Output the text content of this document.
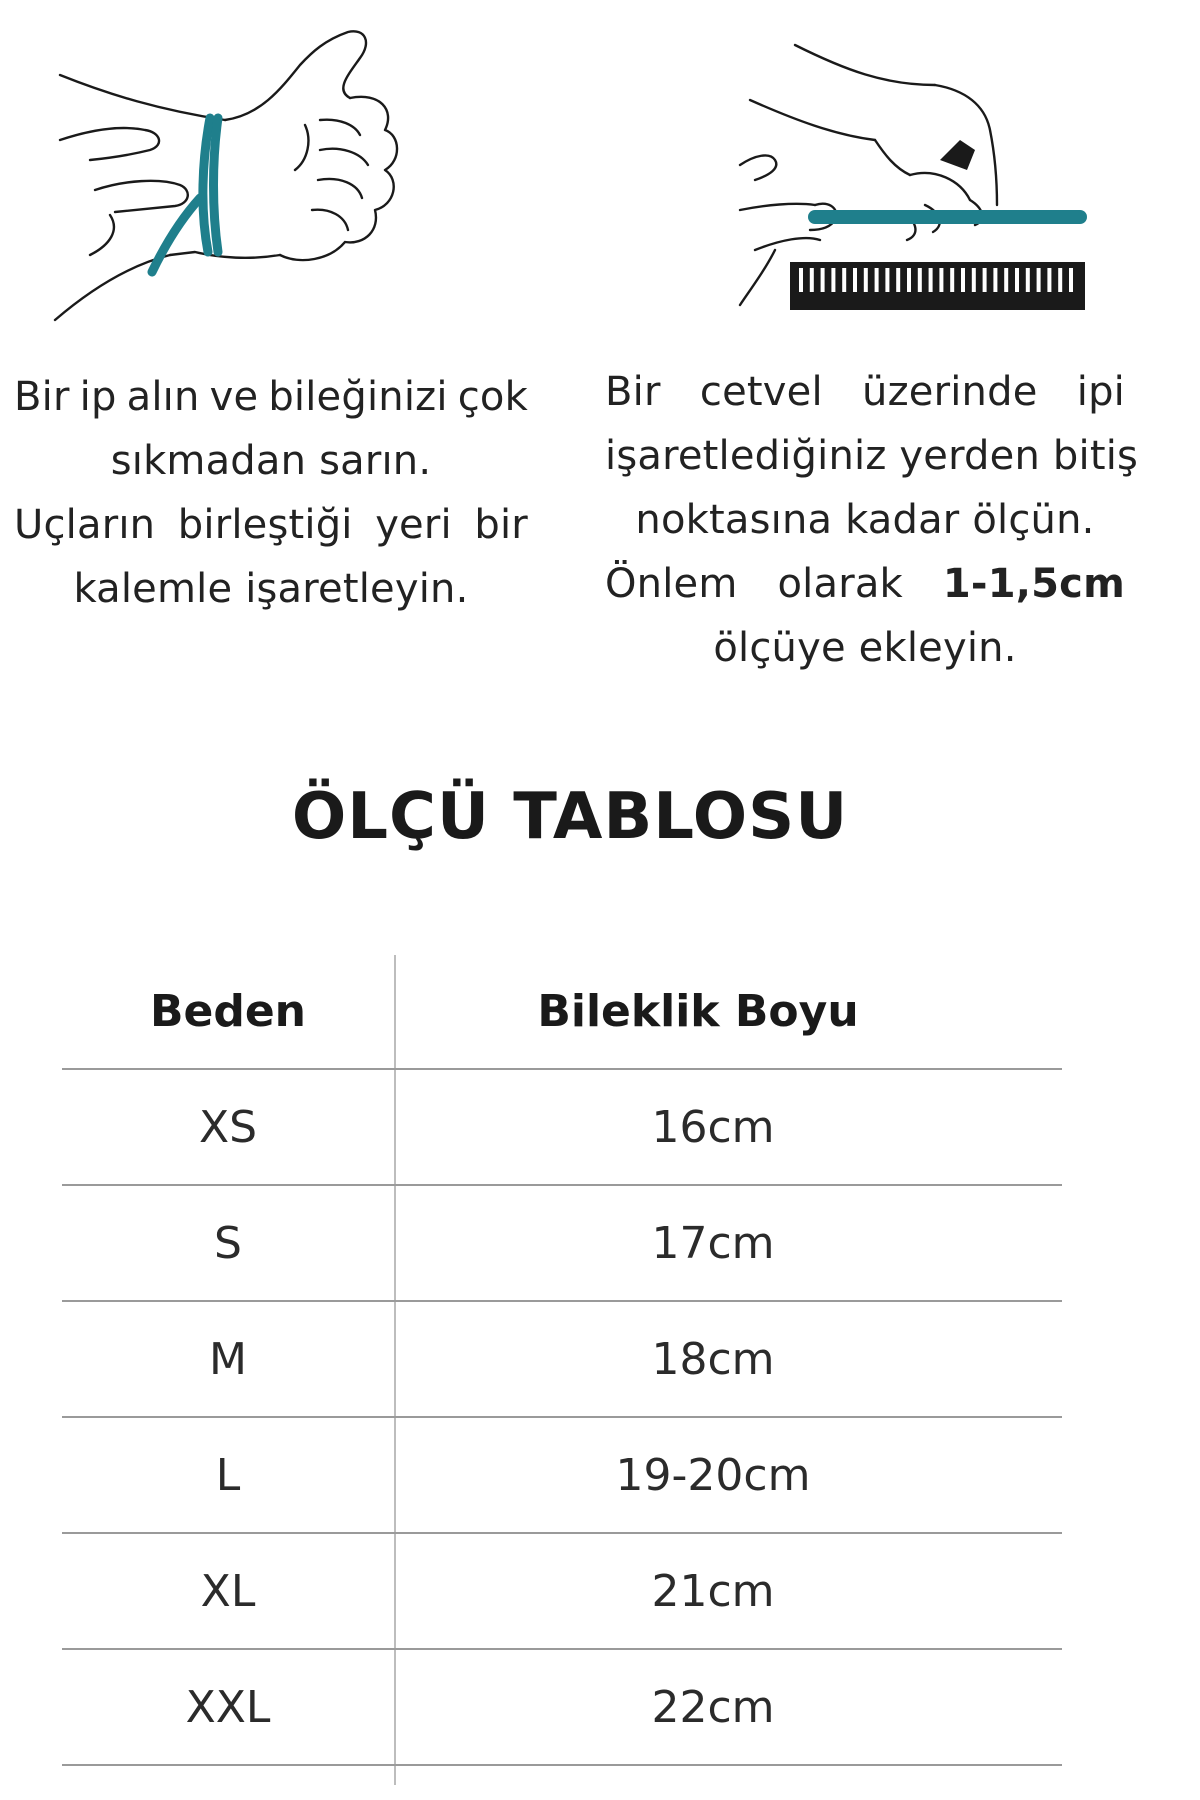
Bir ip alın ve bileğinizi çok
sıkmadan sarın.
Uçların birleştiği yeri bir
kalemle işaretleyin.
Bir cetvel üzerinde ipi
işaretlediğiniz yerden bitiş
noktasına kadar ölçün.
Önlem olarak 1-1,5cm
ölçüye ekleyin.
ÖLÇÜ TABLOSU
Beden	Bileklik Boyu
XS	16cm
S	17cm
M	18cm
L	19-20cm
XL	21cm
XXL	22cm
